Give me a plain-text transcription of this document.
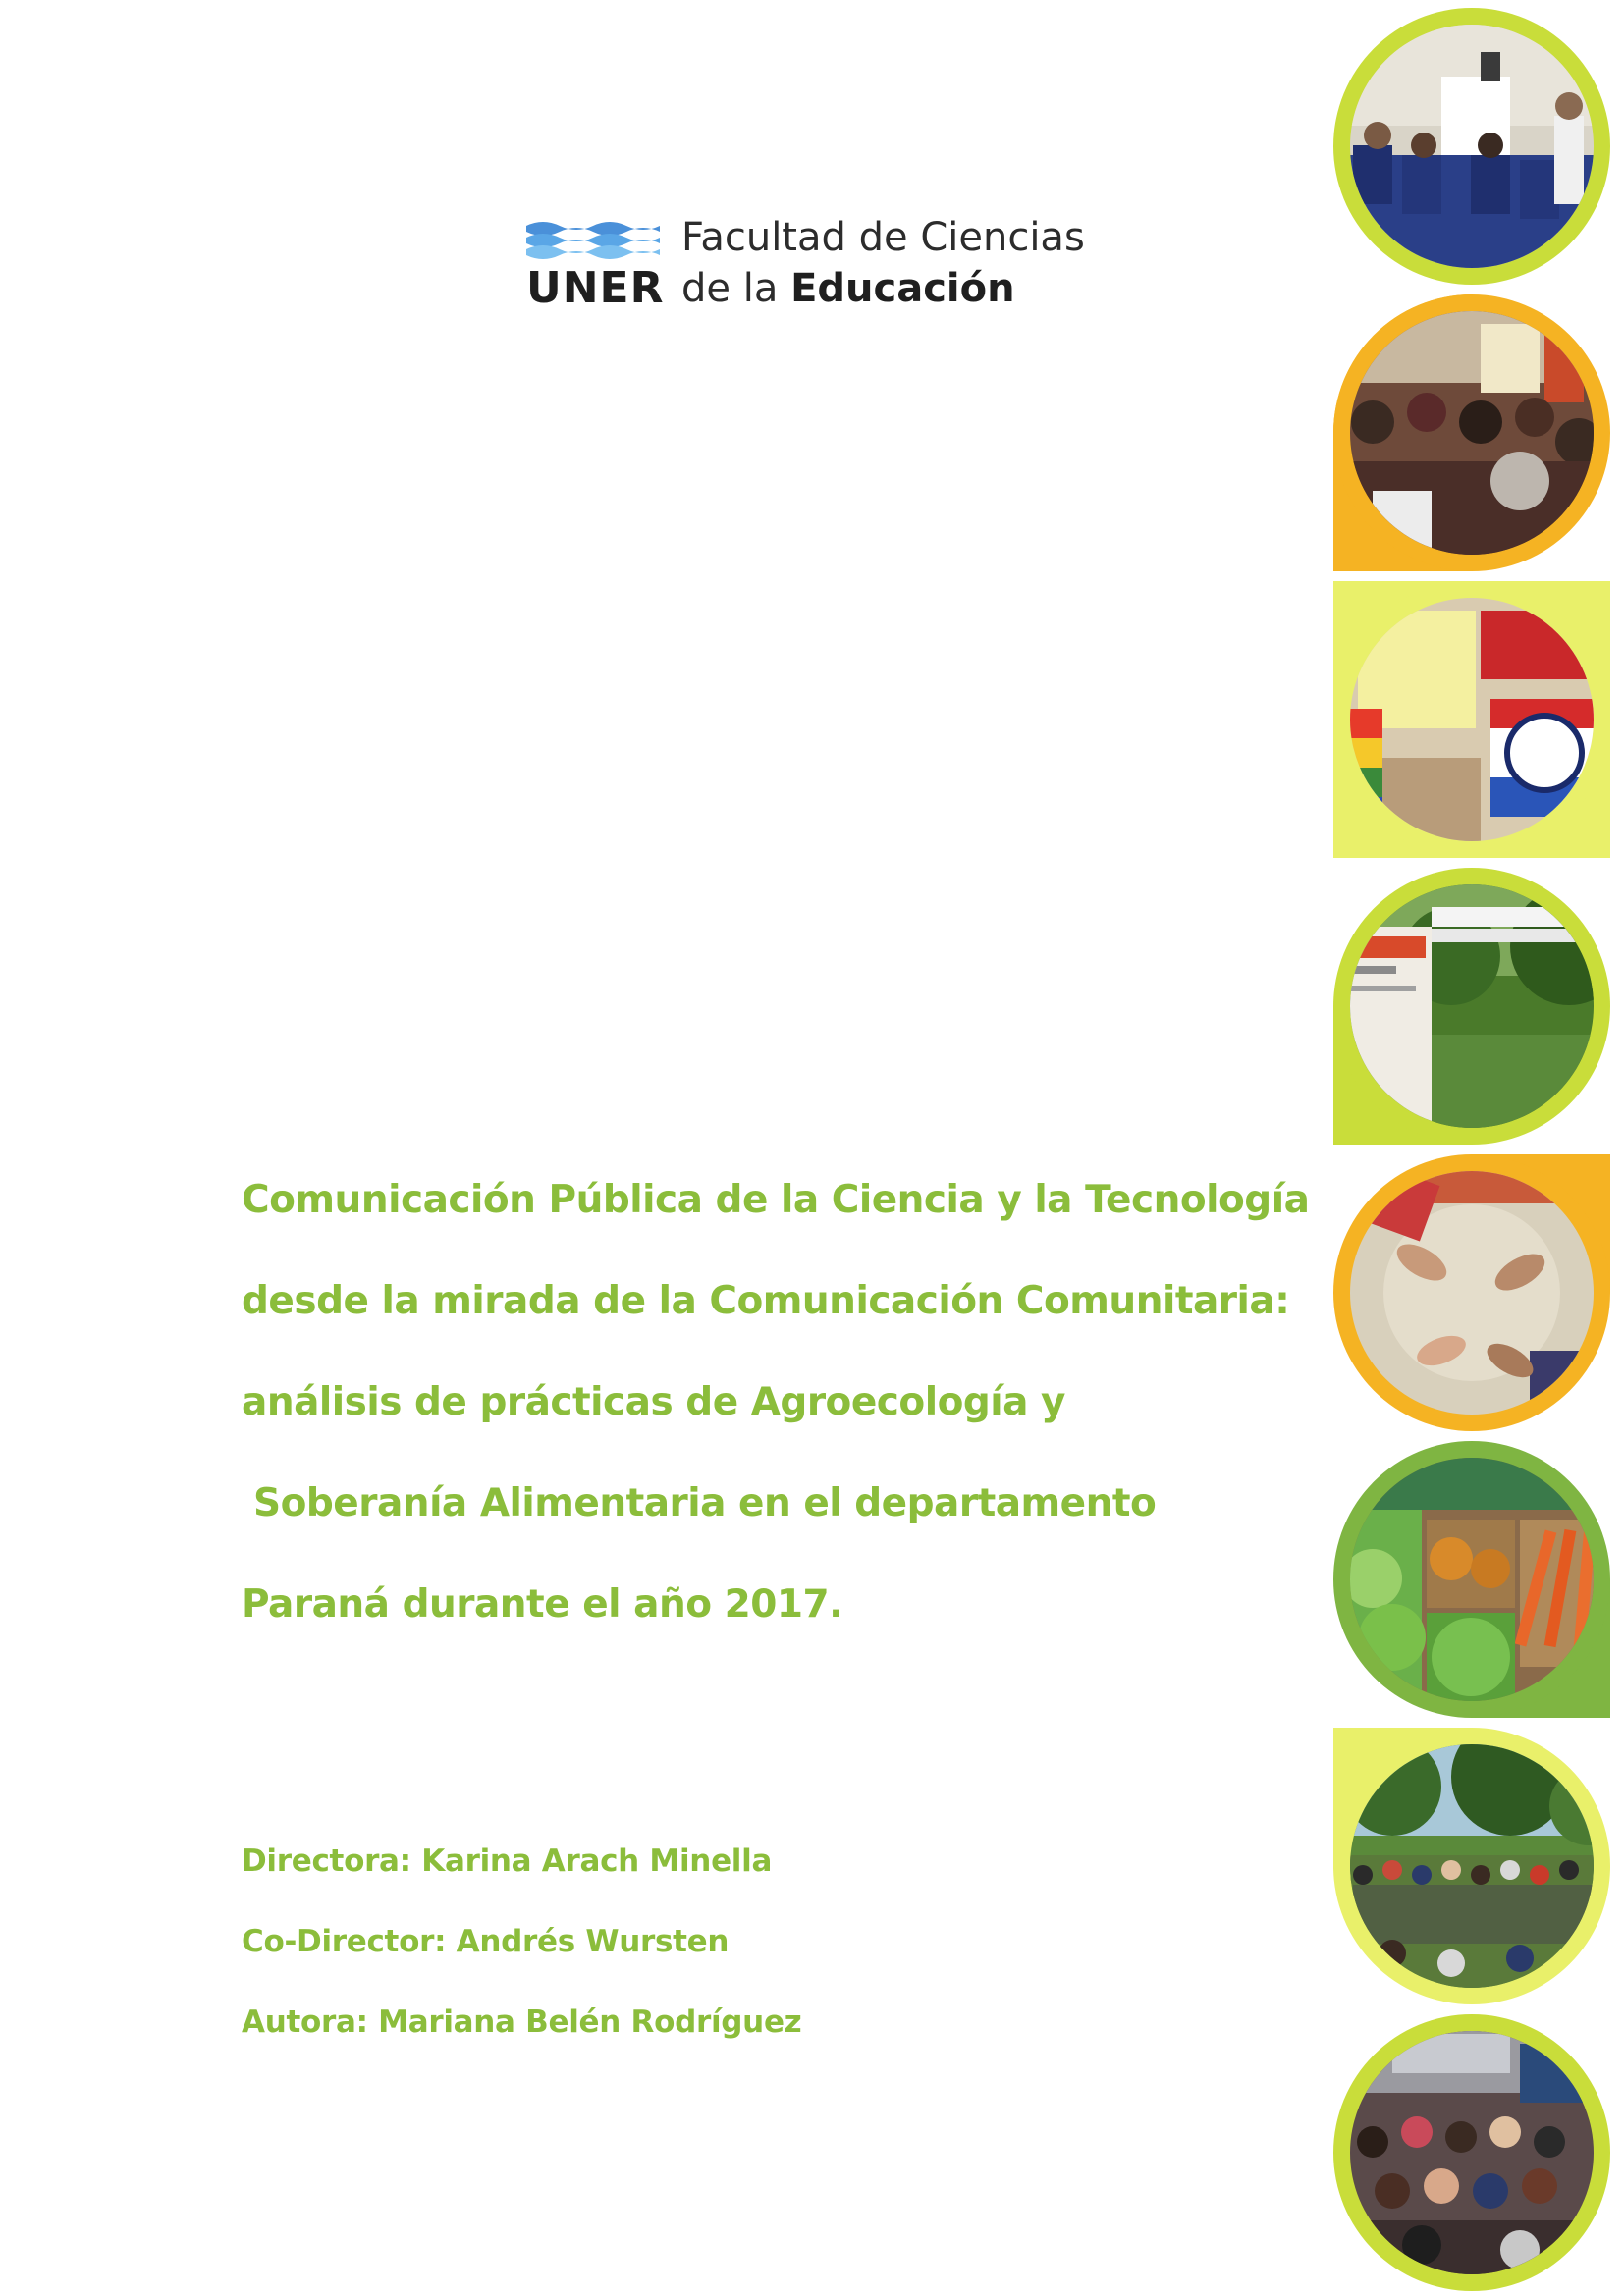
UNER
Facultad de Ciencias
de la Educación
Comunicación Pública de la Ciencia y la Tecnología
desde la mirada de la Comunicación Comunitaria:
análisis de prácticas de Agroecología y
Soberanía Alimentaria en el departamento
Paraná durante el año 2017.
Directora: Karina Arach Minella
Co-Director: Andrés Wursten
Autora: Mariana Belén Rodríguez
